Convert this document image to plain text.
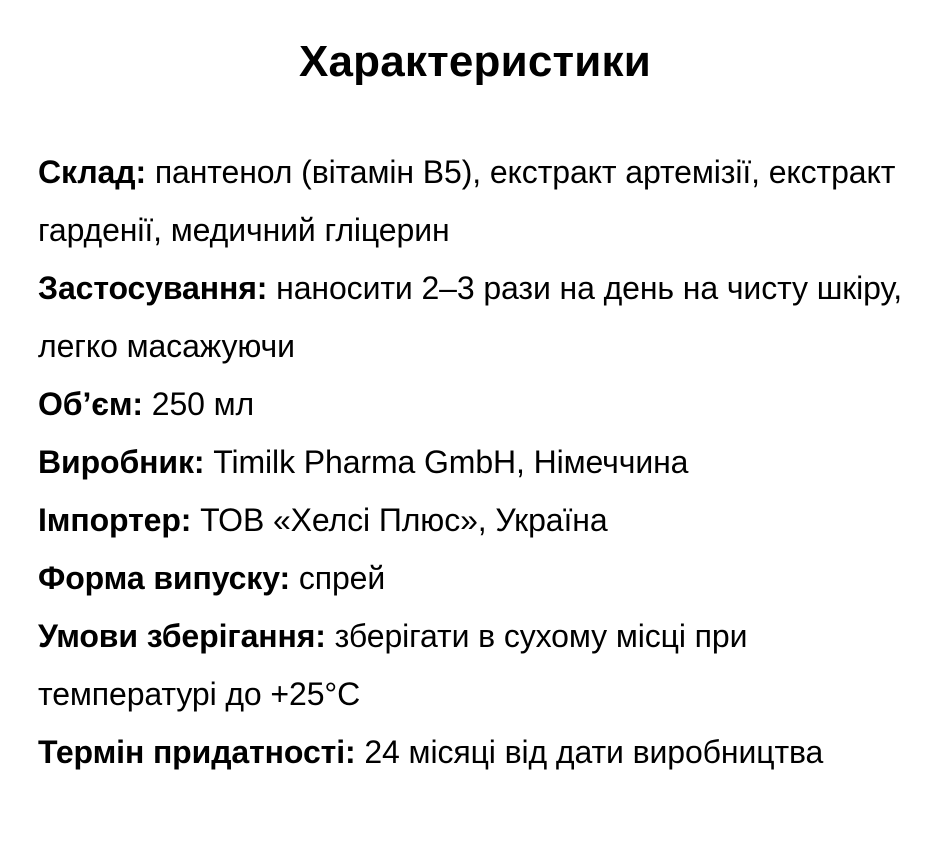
Характеристики
Склад: пантенол (вітамін B5), екстракт артемізії, екстракт гарденії, медичний гліцерин
Застосування: наносити 2–3 рази на день на чисту шкіру, легко масажуючи
Об’єм: 250 мл
Виробник: Timilk Pharma GmbH, Німеччина
Імпортер: ТОВ «Хелсі Плюс», Україна
Форма випуску: спрей
Умови зберігання: зберігати в сухому місці при температурі до +25°C
Термін придатності: 24 місяці від дати виробництва
